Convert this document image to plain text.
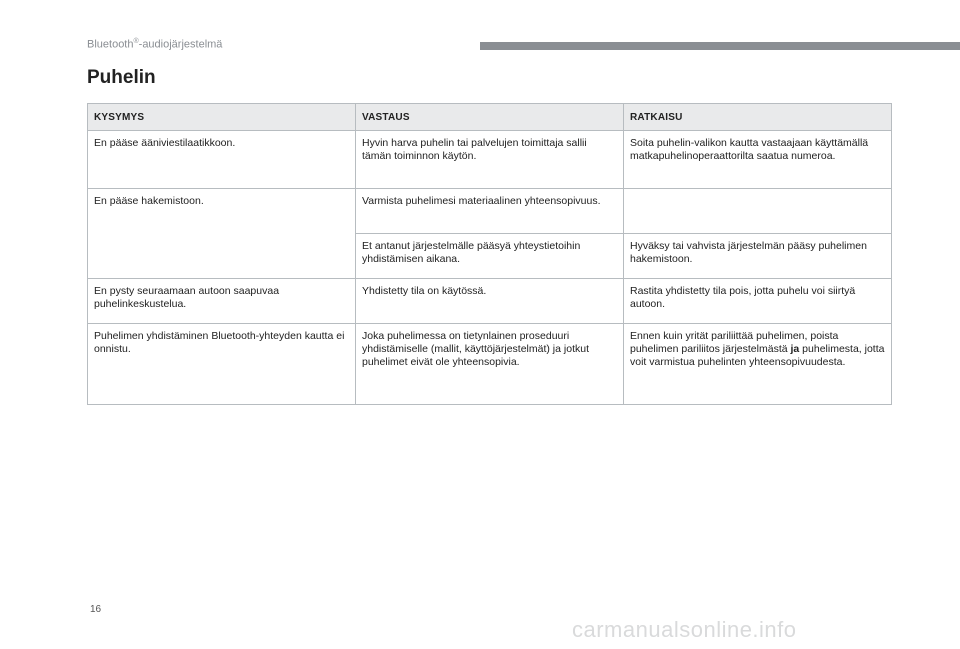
Bluetooth®-audiojärjestelmä
Puhelin
KYSYMYS	VASTAUS	RATKAISU
En pääse ääniviestilaatikkoon.	Hyvin harva puhelin tai palvelujen toimittaja sallii tämän toiminnon käytön.	Soita puhelin-valikon kautta vastaajaan käyttämällä matkapuhelinoperaattorilta saatua numeroa.
En pääse hakemistoon.	Varmista puhelimesi materiaalinen yhteensopivuus.	
	Et antanut järjestelmälle pääsyä yhteystietoihin yhdistämisen aikana.	Hyväksy tai vahvista järjestelmän pääsy puhelimen hakemistoon.
En pysty seuraamaan autoon saapuvaa puhelinkeskustelua.	Yhdistetty tila on käytössä.	Rastita yhdistetty tila pois, jotta puhelu voi siirtyä autoon.
Puhelimen yhdistäminen Bluetooth-yhteyden kautta ei onnistu.	Joka puhelimessa on tietynlainen proseduuri yhdistämiselle (mallit, käyttöjärjestelmät) ja jotkut puhelimet eivät ole yhteensopivia.	Ennen kuin yrität pariliittää puhelimen, poista puhelimen pariliitos järjestelmästä ja puhelimesta, jotta voit varmistua puhelinten yhteensopivuudesta.
16
carmanualsonline.info
